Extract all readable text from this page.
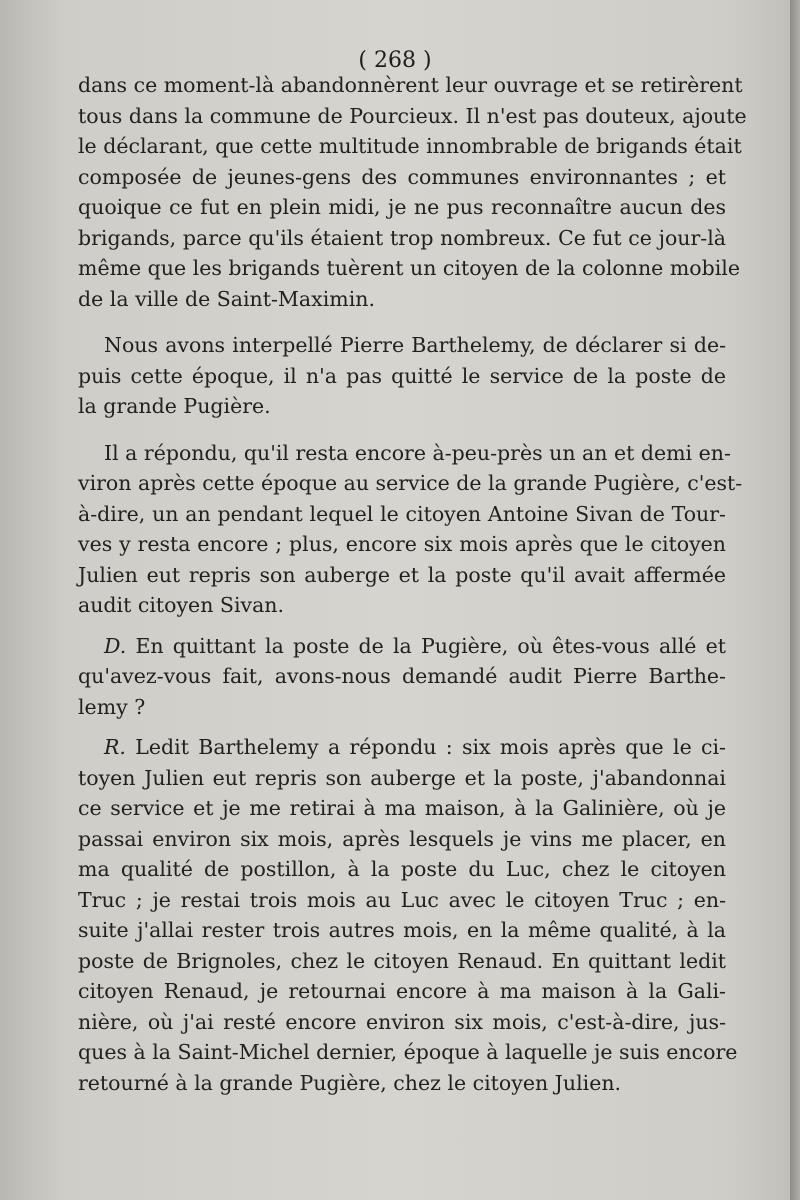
( 268 )

dans ce moment-là abandonnèrent leur ouvrage et se retirèrent
tous dans la commune de Pourcieux. Il n'est pas douteux, ajoute
le déclarant, que cette multitude innombrable de brigands était
composée de jeunes-gens des communes environnantes ; et
quoique ce fut en plein midi, je ne pus reconnaître aucun des
brigands, parce qu'ils étaient trop nombreux. Ce fut ce jour-là
même que les brigands tuèrent un citoyen de la colonne mobile
de la ville de Saint-Maximin.

Nous avons interpellé Pierre Barthelemy, de déclarer si de-
puis cette époque, il n'a pas quitté le service de la poste de
la grande Pugière.

Il a répondu, qu'il resta encore à-peu-près un an et demi en-
viron après cette époque au service de la grande Pugière, c'est-
à-dire, un an pendant lequel le citoyen Antoine Sivan de Tour-
ves y resta encore ; plus, encore six mois après que le citoyen
Julien eut repris son auberge et la poste qu'il avait affermée
audit citoyen Sivan.

D. En quittant la poste de la Pugière, où êtes-vous allé et
qu'avez-vous fait, avons-nous demandé audit Pierre Barthe-
lemy ?

R. Ledit Barthelemy a répondu : six mois après que le ci-
toyen Julien eut repris son auberge et la poste, j'abandonnai
ce service et je me retirai à ma maison, à la Galinière, où je
passai environ six mois, après lesquels je vins me placer, en
ma qualité de postillon, à la poste du Luc, chez le citoyen
Truc ; je restai trois mois au Luc avec le citoyen Truc ; en-
suite j'allai rester trois autres mois, en la même qualité, à la
poste de Brignoles, chez le citoyen Renaud. En quittant ledit
citoyen Renaud, je retournai encore à ma maison à la Gali-
nière, où j'ai resté encore environ six mois, c'est-à-dire, jus-
ques à la Saint-Michel dernier, époque à laquelle je suis encore
retourné à la grande Pugière, chez le citoyen Julien.
